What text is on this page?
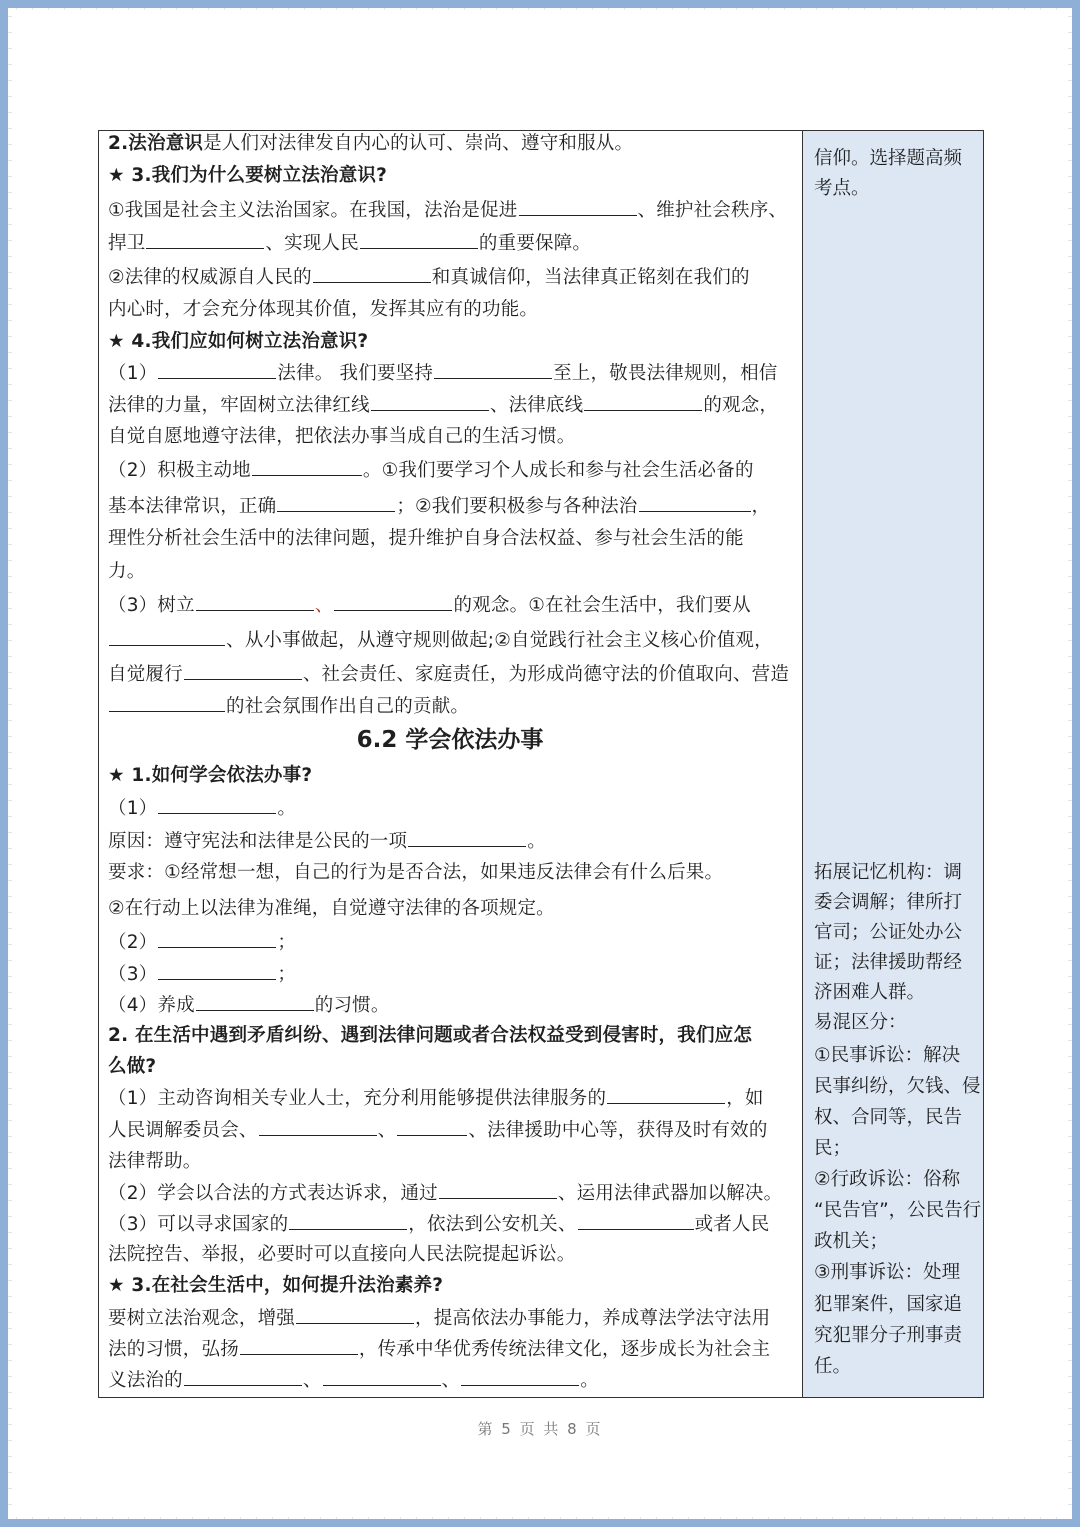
2.法治意识是人们对法律发自内心的认可、崇尚、遵守和服从。
★ 3.我们为什么要树立法治意识?
①我国是社会主义法治国家。在我国，法治是促进	、维护社会秩序、
捍卫	、实现人民	的重要保障。
②法律的权威源自人民的	和真诚信仰，当法律真正铭刻在我们的
内心时，才会充分体现其价值，发挥其应有的功能。
★ 4.我们应如何树立法治意识?
（1）	法律。 我们要坚持	至上，敬畏法律规则，相信
法律的力量，牢固树立法律红线	、法律底线	的观念，
自觉自愿地遵守法律，把依法办事当成自己的生活习惯。
（2）积极主动地	。①我们要学习个人成长和参与社会生活必备的
基本法律常识，正确	；②我们要积极参与各种法治	，
理性分析社会生活中的法律问题，提升维护自身合法权益、参与社会生活的能
力。
（3）树立	、	的观念。①在社会生活中，我们要从
、从小事做起，从遵守规则做起;②自觉践行社会主义核心价值观，
自觉履行	、社会责任、家庭责任，为形成尚德守法的价值取向、营造
的社会氛围作出自己的贡献。
6.2 学会依法办事
★ 1.如何学会依法办事?
（1）	。
原因：遵守宪法和法律是公民的一项	。
要求：①经常想一想，自己的行为是否合法，如果违反法律会有什么后果。
②在行动上以法律为准绳，自觉遵守法律的各项规定。
（2）	；
（3）	；
（4）养成	的习惯。
2. 在生活中遇到矛盾纠纷、遇到法律问题或者合法权益受到侵害时，我们应怎
么做?
（1）主动咨询相关专业人士，充分利用能够提供法律服务的	，如
人民调解委员会、	、	、法律援助中心等，获得及时有效的
法律帮助。
（2）学会以合法的方式表达诉求，通过	、运用法律武器加以解决。
（3）可以寻求国家的	，依法到公安机关、	或者人民
法院控告、举报，必要时可以直接向人民法院提起诉讼。
★ 3.在社会生活中，如何提升法治素养?
要树立法治观念，增强	，提高依法办事能力，养成尊法学法守法用
法的习惯，弘扬	，传承中华优秀传统法律文化，逐步成长为社会主
义法治的	、	、	。
信仰。选择题高频
考点。
拓展记忆机构：调
委会调解；律所打
官司；公证处办公
证；法律援助帮经
济困难人群。
易混区分：
①民事诉讼：解决
民事纠纷，欠钱、侵
权、合同等，民告
民；
②行政诉讼：俗称
“民告官”，公民告行
政机关；
③刑事诉讼：处理
犯罪案件，国家追
究犯罪分子刑事责
任。
第 5 页 共 8 页
